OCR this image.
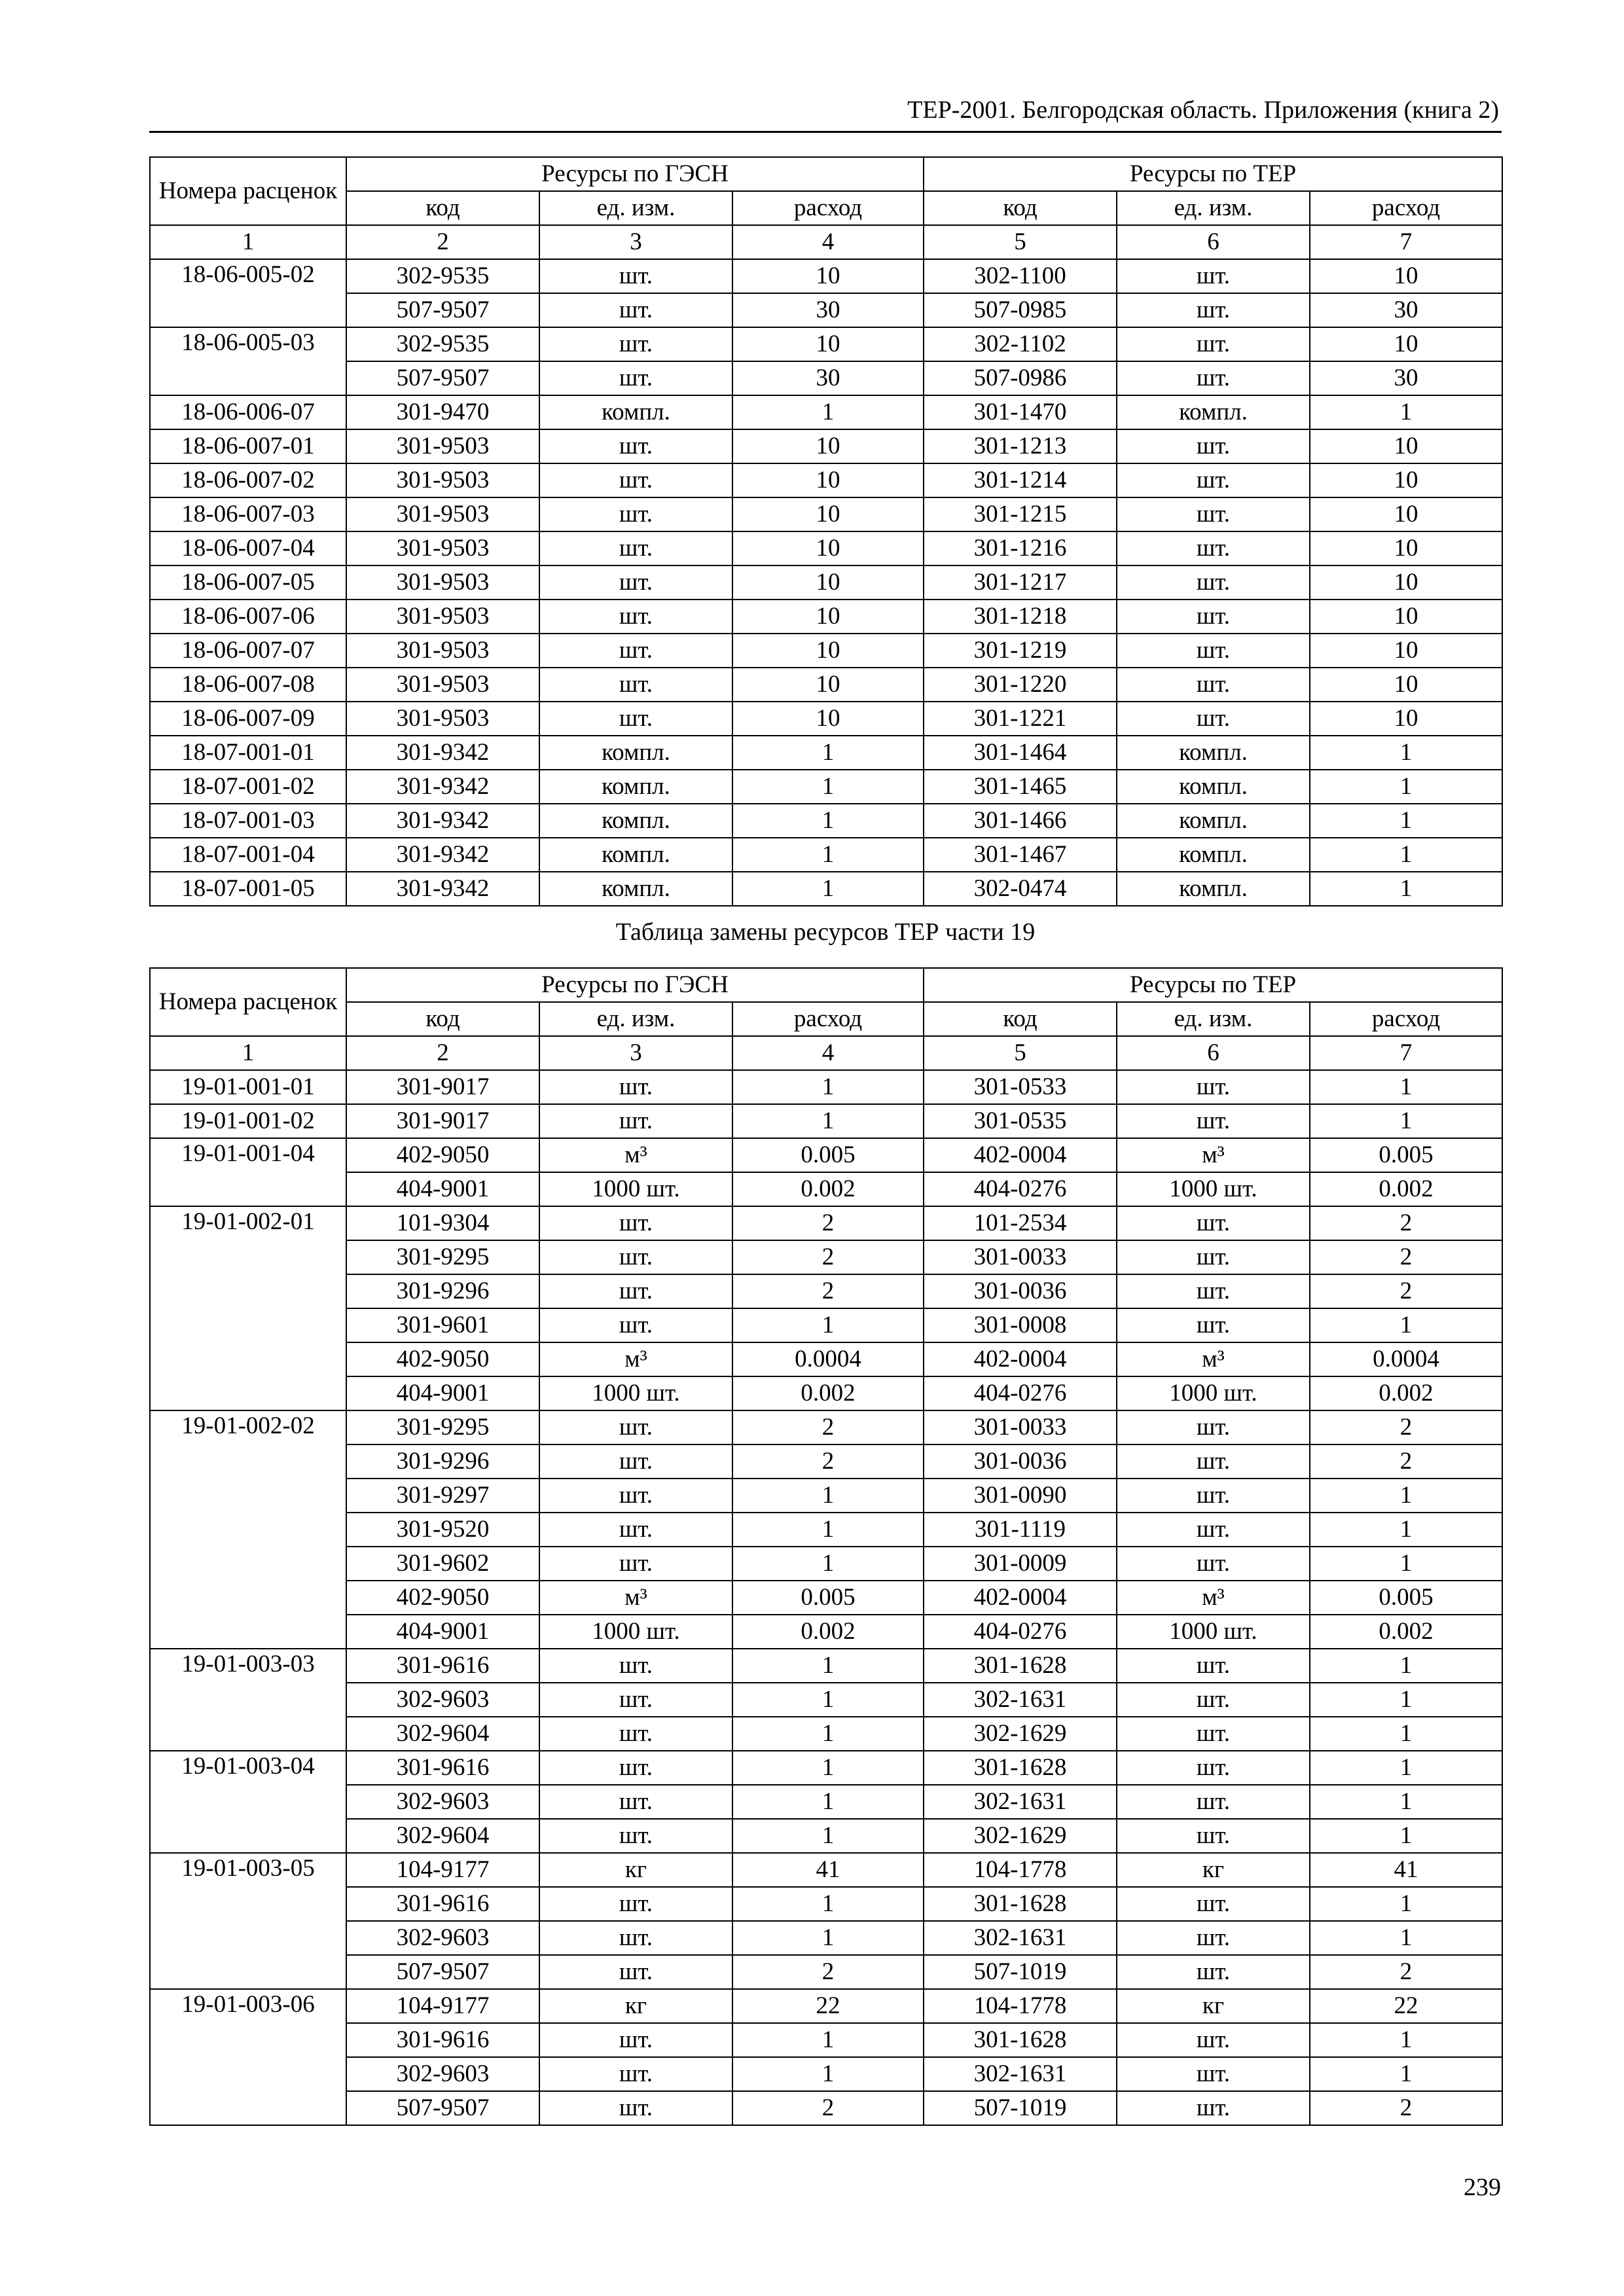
ТЕР-2001. Белгородская область. Приложения (книга 2)
Номера расценок	Ресурсы по ГЭСН			Ресурсы по ТЕР		
	код	ед. изм.	расход	код	ед. изм.	расход
1	2	3	4	5	6	7
18-06-005-02	302-9535	шт.	10	302-1100	шт.	10
	507-9507	шт.	30	507-0985	шт.	30
18-06-005-03	302-9535	шт.	10	302-1102	шт.	10
	507-9507	шт.	30	507-0986	шт.	30
18-06-006-07	301-9470	компл.	1	301-1470	компл.	1
18-06-007-01	301-9503	шт.	10	301-1213	шт.	10
18-06-007-02	301-9503	шт.	10	301-1214	шт.	10
18-06-007-03	301-9503	шт.	10	301-1215	шт.	10
18-06-007-04	301-9503	шт.	10	301-1216	шт.	10
18-06-007-05	301-9503	шт.	10	301-1217	шт.	10
18-06-007-06	301-9503	шт.	10	301-1218	шт.	10
18-06-007-07	301-9503	шт.	10	301-1219	шт.	10
18-06-007-08	301-9503	шт.	10	301-1220	шт.	10
18-06-007-09	301-9503	шт.	10	301-1221	шт.	10
18-07-001-01	301-9342	компл.	1	301-1464	компл.	1
18-07-001-02	301-9342	компл.	1	301-1465	компл.	1
18-07-001-03	301-9342	компл.	1	301-1466	компл.	1
18-07-001-04	301-9342	компл.	1	301-1467	компл.	1
18-07-001-05	301-9342	компл.	1	302-0474	компл.	1
Таблица замены ресурсов ТЕР части 19
Номера расценок	Ресурсы по ГЭСН			Ресурсы по ТЕР		
	код	ед. изм.	расход	код	ед. изм.	расход
1	2	3	4	5	6	7
19-01-001-01	301-9017	шт.	1	301-0533	шт.	1
19-01-001-02	301-9017	шт.	1	301-0535	шт.	1
19-01-001-04	402-9050	м³	0.005	402-0004	м³	0.005
	404-9001	1000 шт.	0.002	404-0276	1000 шт.	0.002
19-01-002-01	101-9304	шт.	2	101-2534	шт.	2
	301-9295	шт.	2	301-0033	шт.	2
	301-9296	шт.	2	301-0036	шт.	2
	301-9601	шт.	1	301-0008	шт.	1
	402-9050	м³	0.0004	402-0004	м³	0.0004
	404-9001	1000 шт.	0.002	404-0276	1000 шт.	0.002
19-01-002-02	301-9295	шт.	2	301-0033	шт.	2
	301-9296	шт.	2	301-0036	шт.	2
	301-9297	шт.	1	301-0090	шт.	1
	301-9520	шт.	1	301-1119	шт.	1
	301-9602	шт.	1	301-0009	шт.	1
	402-9050	м³	0.005	402-0004	м³	0.005
	404-9001	1000 шт.	0.002	404-0276	1000 шт.	0.002
19-01-003-03	301-9616	шт.	1	301-1628	шт.	1
	302-9603	шт.	1	302-1631	шт.	1
	302-9604	шт.	1	302-1629	шт.	1
19-01-003-04	301-9616	шт.	1	301-1628	шт.	1
	302-9603	шт.	1	302-1631	шт.	1
	302-9604	шт.	1	302-1629	шт.	1
19-01-003-05	104-9177	кг	41	104-1778	кг	41
	301-9616	шт.	1	301-1628	шт.	1
	302-9603	шт.	1	302-1631	шт.	1
	507-9507	шт.	2	507-1019	шт.	2
19-01-003-06	104-9177	кг	22	104-1778	кг	22
	301-9616	шт.	1	301-1628	шт.	1
	302-9603	шт.	1	302-1631	шт.	1
	507-9507	шт.	2	507-1019	шт.	2
239
